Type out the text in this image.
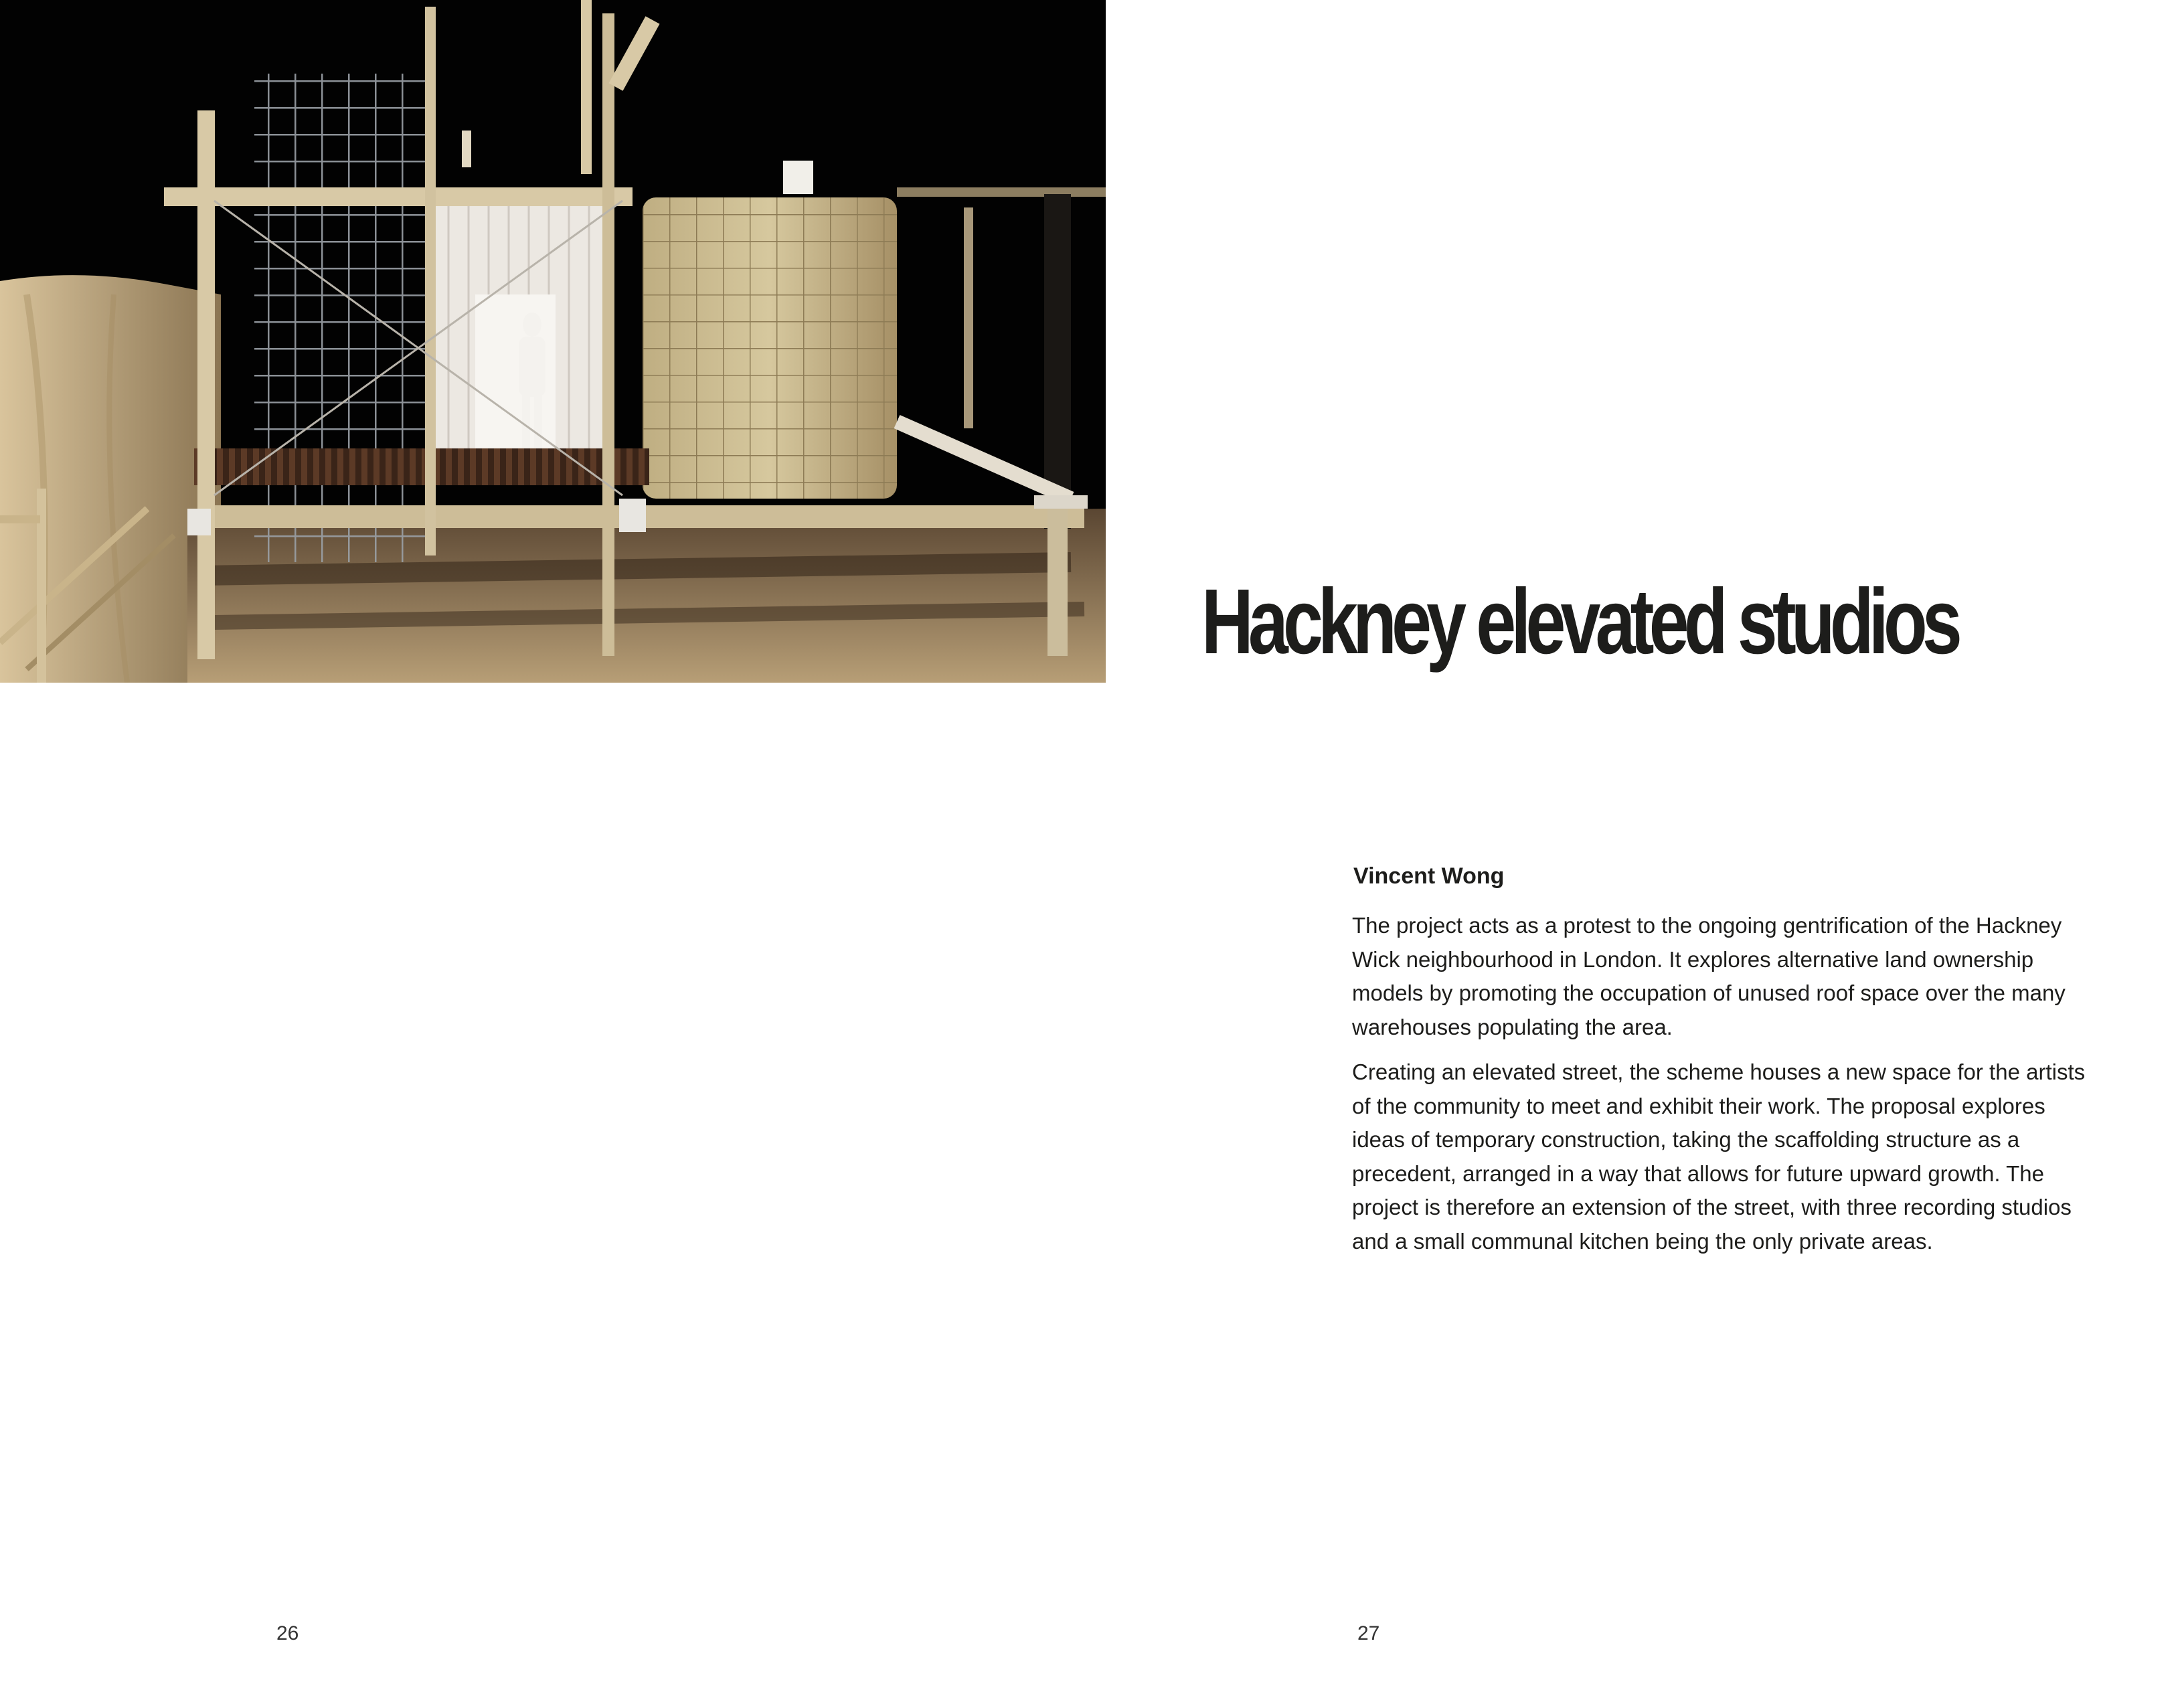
Hackney elevated studios
Vincent Wong

The project acts as a protest to the ongoing gentrification of the Hackney Wick neighbourhood in London. It explores alternative land ownership models by promoting the occupation of unused roof space over the many warehouses populating the area.

Creating an elevated street, the scheme houses a new space for the artists of the community to meet and exhibit their work. The proposal explores ideas of temporary construction, taking the scaffolding structure as a precedent, arranged in a way that allows for future upward growth. The project is therefore an extension of the street, with three recording studios and a small communal kitchen being the only private areas.

26	27
